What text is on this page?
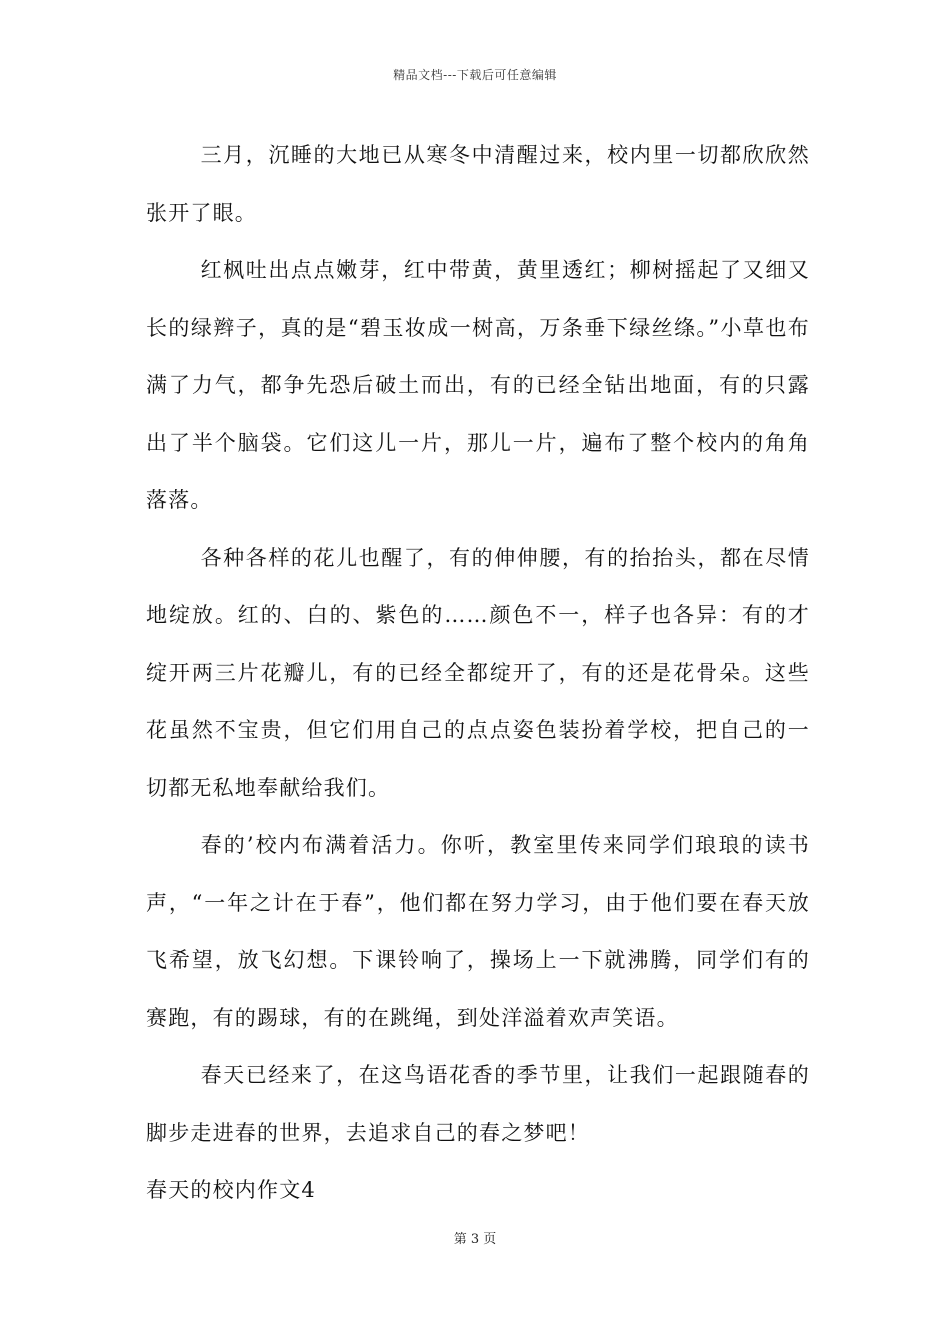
精品文档---下载后可任意编辑

三月，沉睡的大地已从寒冬中清醒过来，校内里一切都欣欣然张开了眼。

红枫吐出点点嫩芽，红中带黄，黄里透红；柳树摇起了又细又长的绿辫子，真的是“碧玉妆成一树高，万条垂下绿丝绦。”小草也布满了力气，都争先恐后破土而出，有的已经全钻出地面，有的只露出了半个脑袋。它们这儿一片，那儿一片，遍布了整个校内的角角落落。

各种各样的花儿也醒了，有的伸伸腰，有的抬抬头，都在尽情地绽放。红的、白的、紫色的……颜色不一，样子也各异：有的才绽开两三片花瓣儿，有的已经全都绽开了，有的还是花骨朵。这些花虽然不宝贵，但它们用自己的点点姿色装扮着学校，把自己的一切都无私地奉献给我们。

春的’校内布满着活力。你听，教室里传来同学们琅琅的读书声，“一年之计在于春”，他们都在努力学习，由于他们要在春天放飞希望，放飞幻想。下课铃响了，操场上一下就沸腾，同学们有的赛跑，有的踢球，有的在跳绳，到处洋溢着欢声笑语。

春天已经来了，在这鸟语花香的季节里，让我们一起跟随春的脚步走进春的世界，去追求自己的春之梦吧！

春天的校内作文4

第 3 页
